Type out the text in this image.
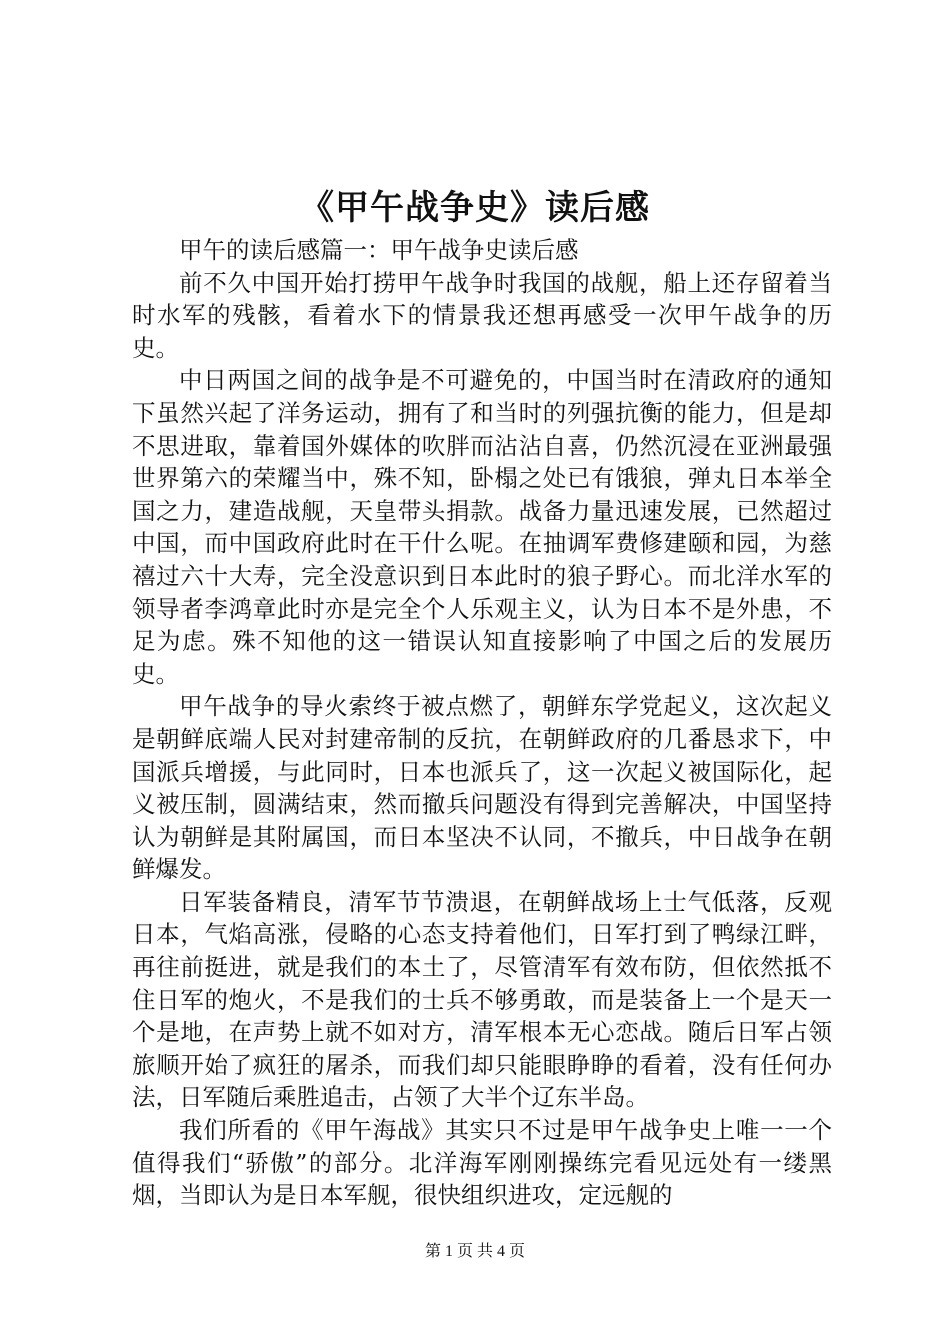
《甲午战争史》读后感

甲午的读后感篇一：甲午战争史读后感

前不久中国开始打捞甲午战争时我国的战舰，船上还存留着当时水军的残骸，看着水下的情景我还想再感受一次甲午战争的历史。

中日两国之间的战争是不可避免的，中国当时在清政府的通知下虽然兴起了洋务运动，拥有了和当时的列强抗衡的能力，但是却不思进取，靠着国外媒体的吹胖而沾沾自喜，仍然沉浸在亚洲最强世界第六的荣耀当中，殊不知，卧榻之处已有饿狼，弹丸日本举全国之力，建造战舰，天皇带头捐款。战备力量迅速发展，已然超过中国，而中国政府此时在干什么呢。在抽调军费修建颐和园，为慈禧过六十大寿，完全没意识到日本此时的狼子野心。而北洋水军的领导者李鸿章此时亦是完全个人乐观主义，认为日本不是外患，不足为虑。殊不知他的这一错误认知直接影响了中国之后的发展历史。

甲午战争的导火索终于被点燃了，朝鲜东学党起义，这次起义是朝鲜底端人民对封建帝制的反抗，在朝鲜政府的几番恳求下，中国派兵增援，与此同时，日本也派兵了，这一次起义被国际化，起义被压制，圆满结束，然而撤兵问题没有得到完善解决，中国坚持认为朝鲜是其附属国，而日本坚决不认同，不撤兵，中日战争在朝鲜爆发。

日军装备精良，清军节节溃退，在朝鲜战场上士气低落，反观日本，气焰高涨，侵略的心态支持着他们，日军打到了鸭绿江畔，再往前挺进，就是我们的本土了，尽管清军有效布防，但依然抵不住日军的炮火，不是我们的士兵不够勇敢，而是装备上一个是天一个是地，在声势上就不如对方，清军根本无心恋战。随后日军占领旅顺开始了疯狂的屠杀，而我们却只能眼睁睁的看着，没有任何办法，日军随后乘胜追击，占领了大半个辽东半岛。

我们所看的《甲午海战》其实只不过是甲午战争史上唯一一个值得我们“骄傲”的部分。北洋海军刚刚操练完看见远处有一缕黑烟，当即认为是日本军舰，很快组织进攻，定远舰的

第 1 页 共 4 页
